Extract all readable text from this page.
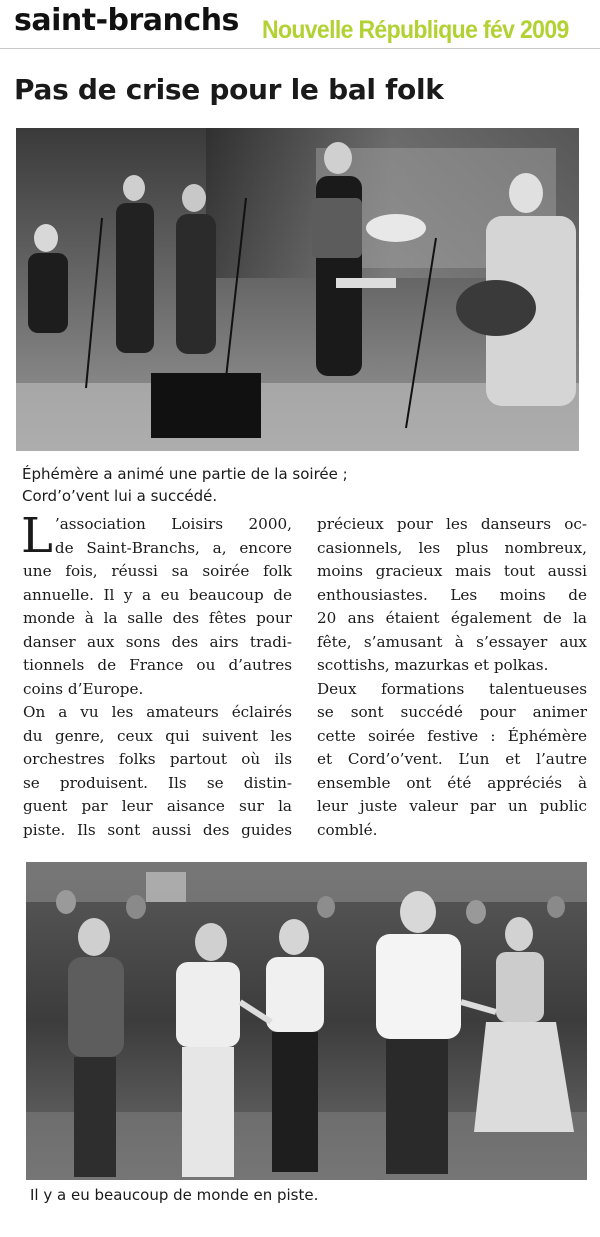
saint-branchs Nouvelle République fév 2009
Pas de crise pour le bal folk
Éphémère a animé une partie de la soirée ;
Cord’o’vent lui a succédé.
L ’association Loisirs 2000,
de Saint-Branchs, a, encore
une fois, réussi sa soirée folk
annuelle. Il y a eu beaucoup de
monde à la salle des fêtes pour
danser aux sons des airs tradi-
tionnels de France ou d’autres
coins d’Europe.
On a vu les amateurs éclairés
du genre, ceux qui suivent les
orchestres folks partout où ils
se produisent. Ils se distin-
guent par leur aisance sur la
piste. Ils sont aussi des guides
précieux pour les danseurs oc-
casionnels, les plus nombreux,
moins gracieux mais tout aussi
enthousiastes. Les moins de
20 ans étaient également de la
fête, s’amusant à s’essayer aux
scottishs, mazurkas et polkas.
Deux formations talentueuses
se sont succédé pour animer
cette soirée festive : Éphémère
et Cord’o’vent. L’un et l’autre
ensemble ont été appréciés à
leur juste valeur par un public
comblé.
Il y a eu beaucoup de monde en piste.
